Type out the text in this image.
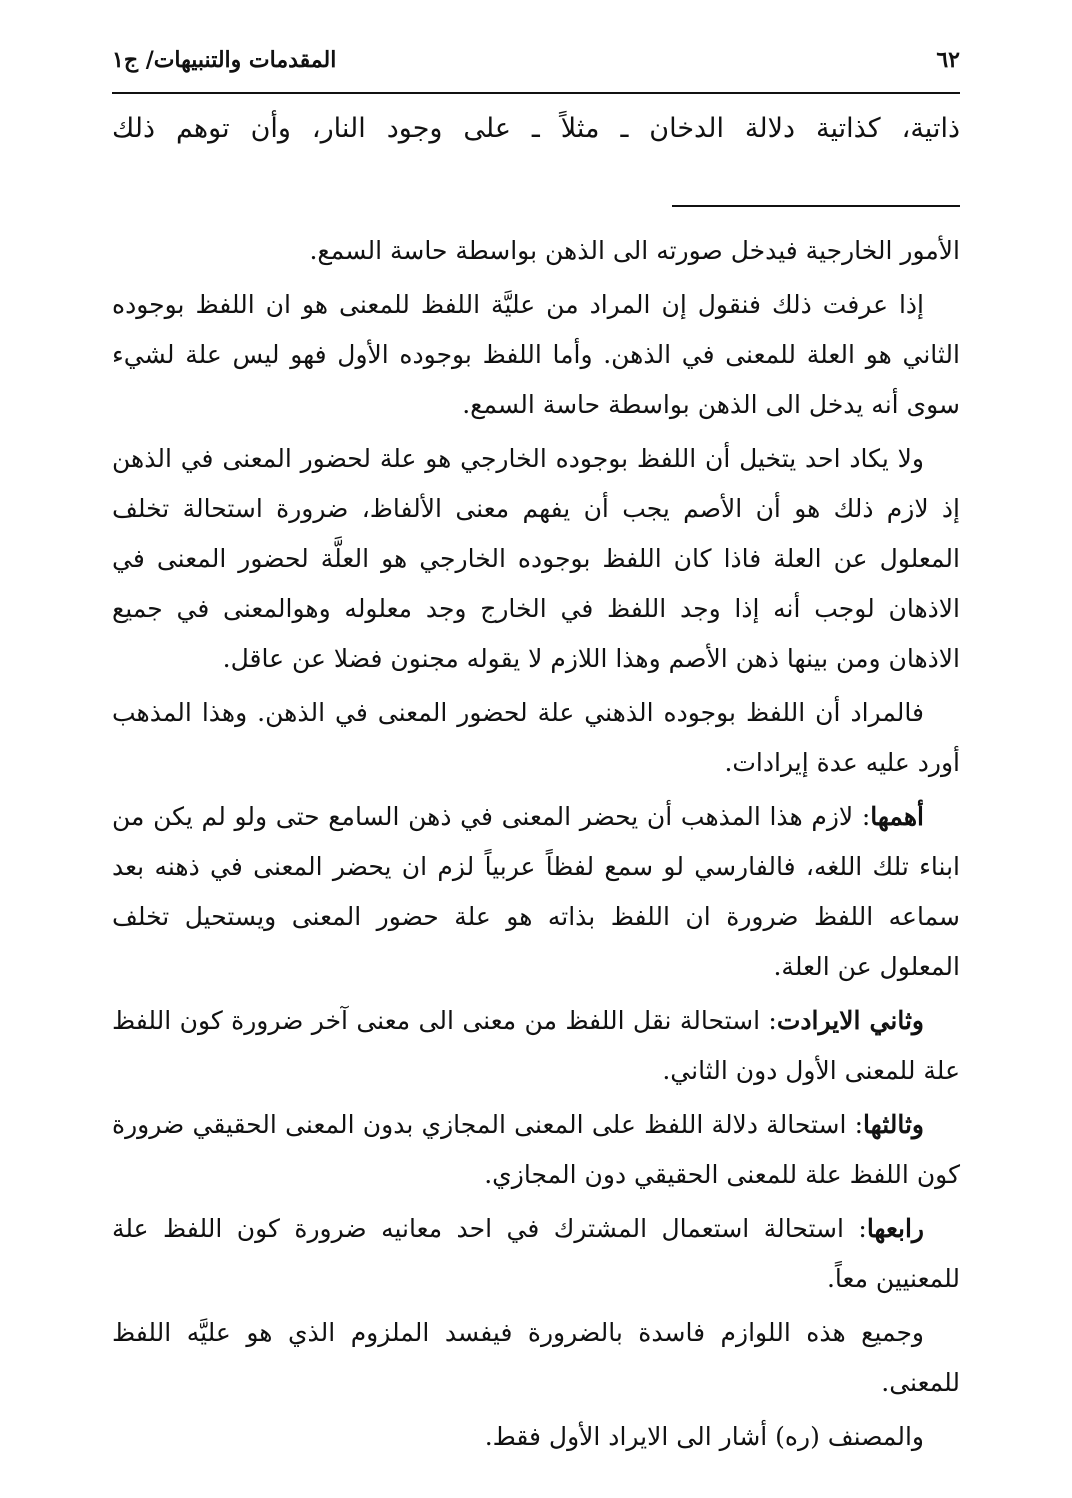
٦٢
المقدمات والتنبيهات/ ج١
ذاتية، كذاتية دلالة الدخان ـ مثلاً ـ على وجود النار، وأن توهم ذلك

الأمور الخارجية فيدخل صورته الى الذهن بواسطة حاسة السمع.

إذا عرفت ذلك فنقول إن المراد من عليَّة اللفظ للمعنى هو ان اللفظ بوجوده الثاني هو العلة للمعنى في الذهن. وأما اللفظ بوجوده الأول فهو ليس علة لشيء سوى أنه يدخل الى الذهن بواسطة حاسة السمع.

ولا يكاد احد يتخيل أن اللفظ بوجوده الخارجي هو علة لحضور المعنى في الذهن إذ لازم ذلك هو أن الأصم يجب أن يفهم معنى الألفاظ، ضرورة استحالة تخلف المعلول عن العلة فاذا كان اللفظ بوجوده الخارجي هو العلَّة لحضور المعنى في الاذهان لوجب أنه إذا وجد اللفظ في الخارج وجد معلوله وهوالمعنى في جميع الاذهان ومن بينها ذهن الأصم وهذا اللازم لا يقوله مجنون فضلا عن عاقل.

فالمراد أن اللفظ بوجوده الذهني علة لحضور المعنى في الذهن. وهذا المذهب أورد عليه عدة إيرادات.

أهمها: لازم هذا المذهب أن يحضر المعنى في ذهن السامع حتى ولو لم يكن من ابناء تلك اللغه، فالفارسي لو سمع لفظاً عربياً لزم ان يحضر المعنى في ذهنه بعد سماعه اللفظ ضرورة ان اللفظ بذاته هو علة حضور المعنى ويستحيل تخلف المعلول عن العلة.

وثاني الايرادت: استحالة نقل اللفظ من معنى الى معنى آخر ضرورة كون اللفظ علة للمعنى الأول دون الثاني.

وثالثها: استحالة دلالة اللفظ على المعنى المجازي بدون المعنى الحقيقي ضرورة كون اللفظ علة للمعنى الحقيقي دون المجازي.

رابعها: استحالة استعمال المشترك في احد معانيه ضرورة كون اللفظ علة للمعنيين معاً.

وجميع هذه اللوازم فاسدة بالضرورة فيفسد الملزوم الذي هو عليَّه اللفظ للمعنى.

والمصنف (ره) أشار الى الايراد الأول فقط.
